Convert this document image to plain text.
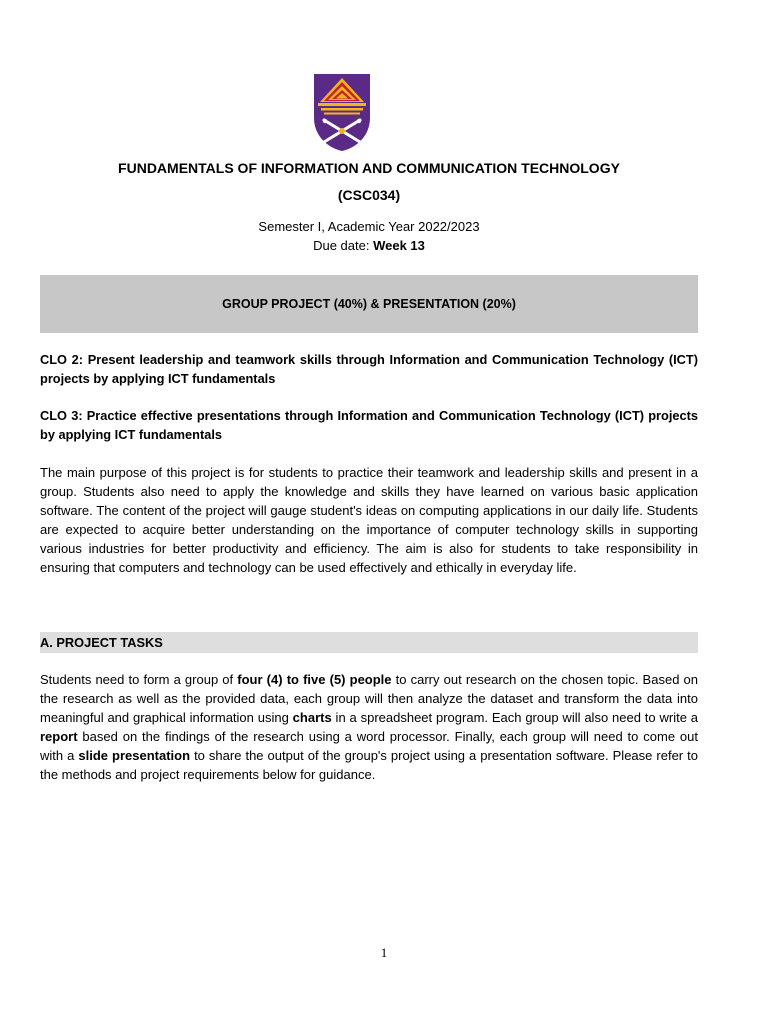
FUNDAMENTALS OF INFORMATION AND COMMUNICATION TECHNOLOGY
(CSC034)
Semester I, Academic Year 2022/2023
Due date: Week 13
GROUP PROJECT (40%) & PRESENTATION (20%)
CLO 2: Present leadership and teamwork skills through Information and Communication Technology (ICT) projects by applying ICT fundamentals
CLO 3: Practice effective presentations through Information and Communication Technology (ICT) projects by applying ICT fundamentals
The main purpose of this project is for students to practice their teamwork and leadership skills and present in a group. Students also need to apply the knowledge and skills they have learned on various basic application software. The content of the project will gauge student's ideas on computing applications in our daily life. Students are expected to acquire better understanding on the importance of computer technology skills in supporting various industries for better productivity and efficiency. The aim is also for students to take responsibility in ensuring that computers and technology can be used effectively and ethically in everyday life.
A. PROJECT TASKS
Students need to form a group of four (4) to five (5) people to carry out research on the chosen topic. Based on the research as well as the provided data, each group will then analyze the dataset and transform the data into meaningful and graphical information using charts in a spreadsheet program. Each group will also need to write a report based on the findings of the research using a word processor. Finally, each group will need to come out with a slide presentation to share the output of the group's project using a presentation software. Please refer to the methods and project requirements below for guidance.
1
